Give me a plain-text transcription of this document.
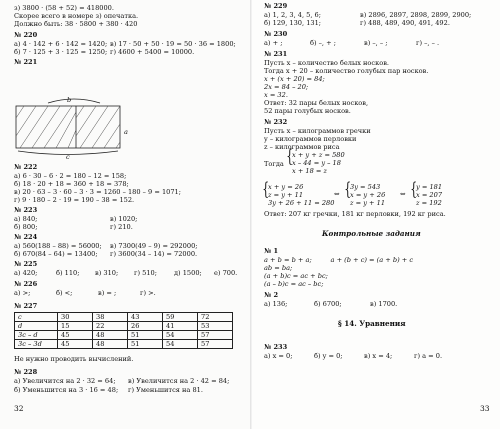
з) 3800 · (58 + 52) = 418000.
Скорее всего в номере з) опечатка.
Должно быть: 38 · 5800 + 380 · 420
№ 220
а) 4 · 142 + 6 · 142 = 1420; в) 17 · 50 + 50 · 19 = 50 · 36 = 1800;
б) 7 · 125 + 3 · 125 = 1250; г) 4600 + 5400 = 10000.
№ 221
b
a
c
№ 222
а) 6 · 30 – 6 · 2 = 180 – 12 = 158;
б) 18 · 20 + 18 = 360 + 18 = 378;
в) 20 · 63 – 3 · 60 – 3 · 3 = 1260 – 180 – 9 = 1071;
г) 9 · 180 – 2 · 19 = 190 – 38 = 152.
№ 223
а) 840;	в) 1020;
б) 800;	г) 210.
№ 224
а) 560(188 – 88) = 56000; в) 7300(49 – 9) = 292000;
б) 670(84 – 64) = 13400; г) 3600(34 – 14) = 72000.
№ 225
а) 420;	б) 110; в) 310; г) 510;	д) 1500; е) 700.
№ 226
а) >;	б) <;	в) = ;	г) >.
№ 227
c	30	38	43	59	72
d	15	22	26	41	53
3c – d	45	48	51	54	57
3c – 3d	45	48	51	54	57
Не нужно проводить вычислений.
№ 228
а) Увеличится на 2 · 32 = 64; в) Увеличится на 2 · 42 = 84;
б) Уменьшится на 3 · 16 = 48; г) Уменьшится на 81.
32
№ 229
а) 1, 2, 3, 4, 5, 6;	в) 2896, 2897, 2898, 2899, 2900;
б) 129, 130, 131;	г) 488, 489, 490, 491, 492.
№ 230
а) + ;	б) –, + ;	в) –, – ;	г) –, – .
№ 231
Пусть x – количество белых носков.
Тогда x + 20 – количество голубых пар носков.
x + (x + 20) = 84;
2x = 84 – 20;
x = 32.
Ответ: 32 пары белых носков,
52 пары голубых носков.
№ 232
Пусть x – килограммов гречки
y – килограммов перловки
z – килограммов риса
Тогда {
x + y + z = 580
x – 44 = y – 18
x + 18 = z
{
x + y = 26
z = y + 11
3y + 26 + 11 = 280
⇔ {
3y = 543
x = y + 26
z = y + 11
⇔ {
y = 181
x = 207
z = 192
Ответ: 207 кг гречки, 181 кг перловки, 192 кг риса.
Контрольные задания
№ 1
a + b = b + a;         a + (b + c) = (a + b) + c
ab = ba;
(a + b)c = ac + bc;
(a – b)c = ac – bc;
№ 2
а) 136;	б) 6700;	в) 1700.
§ 14. Уравнения
№ 233
а) x = 0;	б) y = 0;	в) x = 4;	г) a = 0.
33
